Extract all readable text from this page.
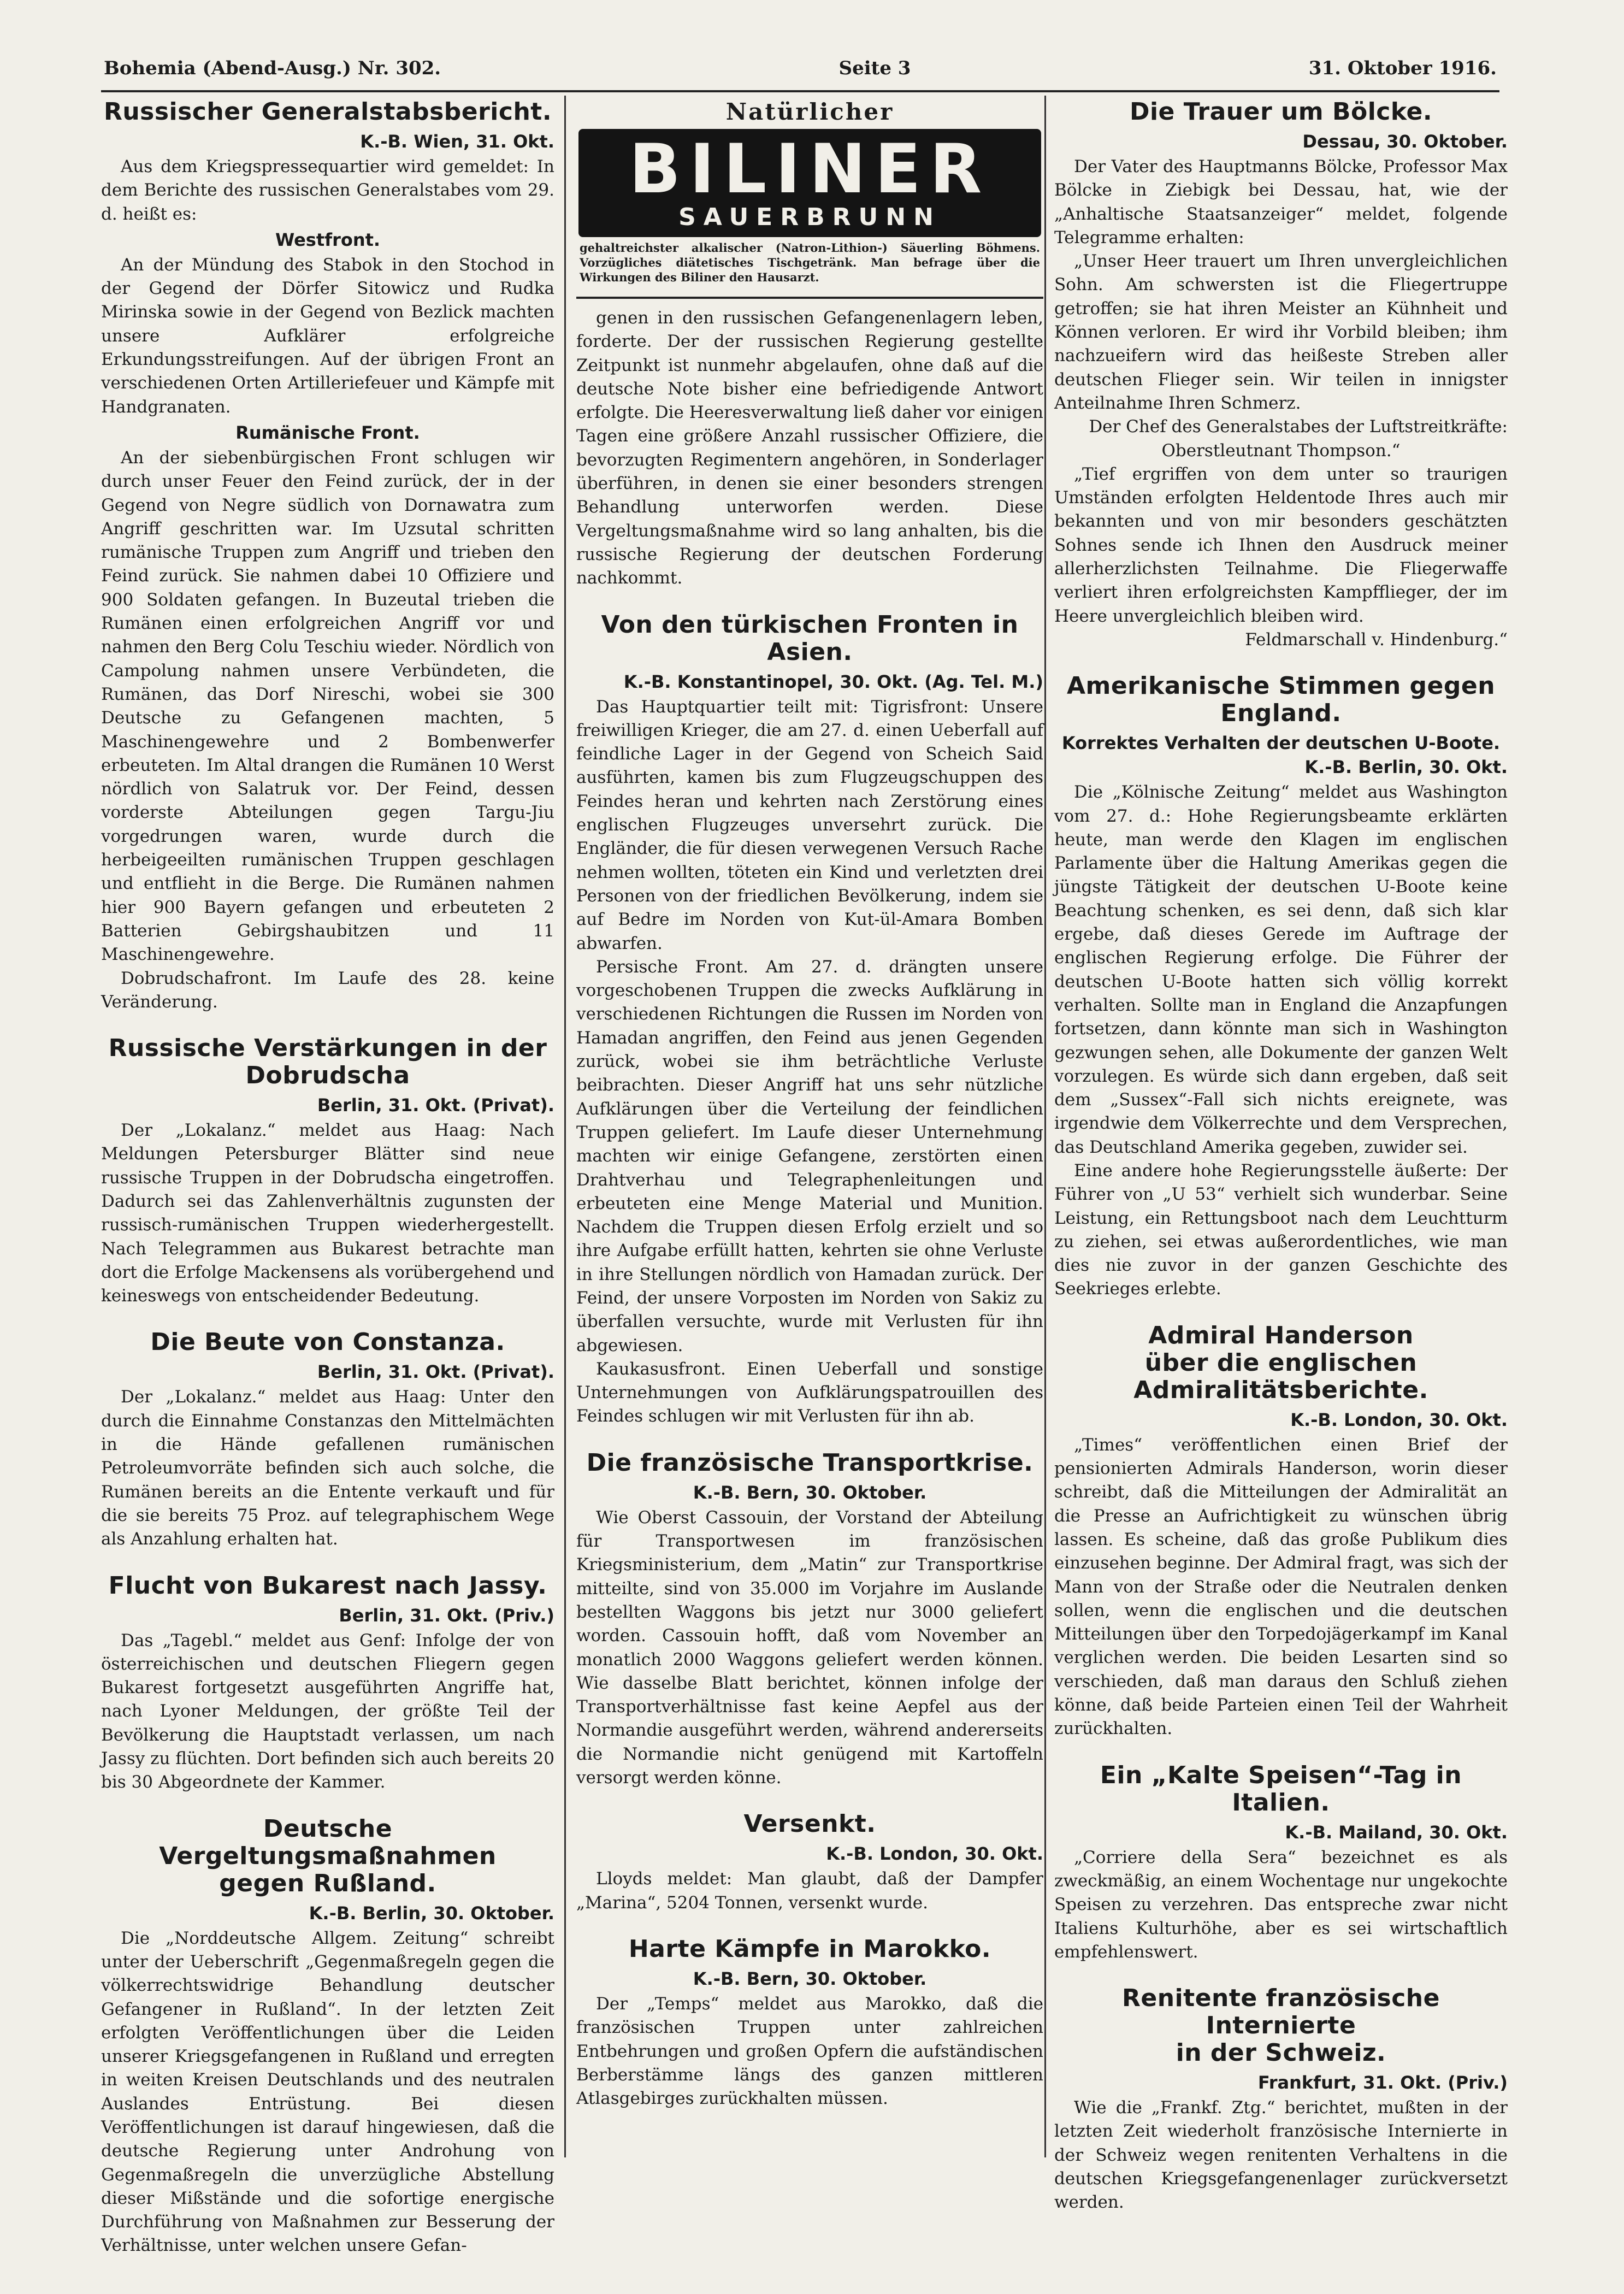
Bohemia (Abend-Ausg.) Nr. 302.	Seite 3	31. Oktober 1916.
Russischer Generalstabsbericht.
K.-B. Wien, 31. Okt.

Aus dem Kriegspressequartier wird gemeldet: In dem Berichte des russischen Generalstabes vom 29. d. heißt es:

Westfront.

An der Mündung des Stabok in den Stochod in der Gegend der Dörfer Sitowicz und Rudka Mirinska sowie in der Gegend von Bezlick machten unsere Aufklärer erfolgreiche Erkundungsstreifungen. Auf der übrigen Front an verschiedenen Orten Artilleriefeuer und Kämpfe mit Handgranaten.

Rumänische Front.

An der siebenbürgischen Front schlugen wir durch unser Feuer den Feind zurück, der in der Gegend von Negre südlich von Dornawatra zum Angriff geschritten war. Im Uzsutal schritten rumänische Truppen zum Angriff und trieben den Feind zurück. Sie nahmen dabei 10 Offiziere und 900 Soldaten gefangen. In Buzeutal trieben die Rumänen einen erfolgreichen Angriff vor und nahmen den Berg Colu Teschiu wieder. Nördlich von Campolung nahmen unsere Verbündeten, die Rumänen, das Dorf Nireschi, wobei sie 300 Deutsche zu Gefangenen machten, 5 Maschinengewehre und 2 Bombenwerfer erbeuteten. Im Altal drangen die Rumänen 10 Werst nördlich von Salatruk vor. Der Feind, dessen vorderste Abteilungen gegen Targu-Jiu vorgedrungen waren, wurde durch die herbeigeeilten rumänischen Truppen geschlagen und entflieht in die Berge. Die Rumänen nahmen hier 900 Bayern gefangen und erbeuteten 2 Batterien Gebirgshaubitzen und 11 Maschinengewehre.

Dobrudschafront. Im Laufe des 28. keine Veränderung.

Russische Verstärkungen in der Dobrudscha
Berlin, 31. Okt. (Privat).

Der „Lokalanz.“ meldet aus Haag: Nach Meldungen Petersburger Blätter sind neue russische Truppen in der Dobrudscha eingetroffen. Dadurch sei das Zahlenverhältnis zugunsten der russisch-rumänischen Truppen wiederhergestellt. Nach Telegrammen aus Bukarest betrachte man dort die Erfolge Mackensens als vorübergehend und keineswegs von entscheidender Bedeutung.

Die Beute von Constanza.
Berlin, 31. Okt. (Privat).

Der „Lokalanz.“ meldet aus Haag: Unter den durch die Einnahme Constanzas den Mittelmächten in die Hände gefallenen rumänischen Petroleumvorräte befinden sich auch solche, die Rumänen bereits an die Entente verkauft und für die sie bereits 75 Proz. auf telegraphischem Wege als Anzahlung erhalten hat.

Flucht von Bukarest nach Jassy.
Berlin, 31. Okt. (Priv.)

Das „Tagebl.“ meldet aus Genf: Infolge der von österreichischen und deutschen Fliegern gegen Bukarest fortgesetzt ausgeführten Angriffe hat, nach Lyoner Meldungen, der größte Teil der Bevölkerung die Hauptstadt verlassen, um nach Jassy zu flüchten. Dort befinden sich auch bereits 20 bis 30 Abgeordnete der Kammer.

Deutsche Vergeltungsmaßnahmen
gegen Rußland.
K.-B. Berlin, 30. Oktober.

Die „Norddeutsche Allgem. Zeitung“ schreibt unter der Ueberschrift „Gegenmaßregeln gegen die völkerrechtswidrige Behandlung deutscher Gefangener in Rußland“. In der letzten Zeit erfolgten Veröffentlichungen über die Leiden unserer Kriegsgefangenen in Rußland und erregten in weiten Kreisen Deutschlands und des neutralen Auslandes Entrüstung. Bei diesen Veröffentlichungen ist darauf hingewiesen, daß die deutsche Regierung unter Androhung von Gegenmaßregeln die unverzügliche Abstellung dieser Mißstände und die sofortige energische Durchführung von Maßnahmen zur Besserung der Verhältnisse, unter welchen unsere Gefan-

Natürlicher
BILINER
SAUERBRUNN
gehaltreichster alkalischer (Natron-Lithion-) Säuerling Böhmens. Vorzügliches diätetisches Tischgetränk. Man befrage über die Wirkungen des Biliner den Hausarzt.

genen in den russischen Gefangenenlagern leben, forderte. Der der russischen Regierung gestellte Zeitpunkt ist nunmehr abgelaufen, ohne daß auf die deutsche Note bisher eine befriedigende Antwort erfolgte. Die Heeresverwaltung ließ daher vor einigen Tagen eine größere Anzahl russischer Offiziere, die bevorzugten Regimentern angehören, in Sonderlager überführen, in denen sie einer besonders strengen Behandlung unterworfen werden. Diese Vergeltungsmaßnahme wird so lang anhalten, bis die russische Regierung der deutschen Forderung nachkommt.

Von den türkischen Fronten in Asien.
K.-B. Konstantinopel, 30. Okt. (Ag. Tel. M.)

Das Hauptquartier teilt mit: Tigrisfront: Unsere freiwilligen Krieger, die am 27. d. einen Ueberfall auf feindliche Lager in der Gegend von Scheich Said ausführten, kamen bis zum Flugzeugschuppen des Feindes heran und kehrten nach Zerstörung eines englischen Flugzeuges unversehrt zurück. Die Engländer, die für diesen verwegenen Versuch Rache nehmen wollten, töteten ein Kind und verletzten drei Personen von der friedlichen Bevölkerung, indem sie auf Bedre im Norden von Kut-ül-Amara Bomben abwarfen.

Persische Front. Am 27. d. drängten unsere vorgeschobenen Truppen die zwecks Aufklärung in verschiedenen Richtungen die Russen im Norden von Hamadan angriffen, den Feind aus jenen Gegenden zurück, wobei sie ihm beträchtliche Verluste beibrachten. Dieser Angriff hat uns sehr nützliche Aufklärungen über die Verteilung der feindlichen Truppen geliefert. Im Laufe dieser Unternehmung machten wir einige Gefangene, zerstörten einen Drahtverhau und Telegraphenleitungen und erbeuteten eine Menge Material und Munition. Nachdem die Truppen diesen Erfolg erzielt und so ihre Aufgabe erfüllt hatten, kehrten sie ohne Verluste in ihre Stellungen nördlich von Hamadan zurück. Der Feind, der unsere Vorposten im Norden von Sakiz zu überfallen versuchte, wurde mit Verlusten für ihn abgewiesen.

Kaukasusfront. Einen Ueberfall und sonstige Unternehmungen von Aufklärungspatrouillen des Feindes schlugen wir mit Verlusten für ihn ab.

Die französische Transportkrise.
K.-B. Bern, 30. Oktober.

Wie Oberst Cassouin, der Vorstand der Abteilung für Transportwesen im französischen Kriegsministerium, dem „Matin“ zur Transportkrise mitteilte, sind von 35.000 im Vorjahre im Auslande bestellten Waggons bis jetzt nur 3000 geliefert worden. Cassouin hofft, daß vom November an monatlich 2000 Waggons geliefert werden können. Wie dasselbe Blatt berichtet, können infolge der Transportverhältnisse fast keine Aepfel aus der Normandie ausgeführt werden, während andererseits die Normandie nicht genügend mit Kartoffeln versorgt werden könne.

Versenkt.
K.-B. London, 30. Okt.

Lloyds meldet: Man glaubt, daß der Dampfer „Marina“, 5204 Tonnen, versenkt wurde.

Harte Kämpfe in Marokko.
K.-B. Bern, 30. Oktober.

Der „Temps“ meldet aus Marokko, daß die französischen Truppen unter zahlreichen Entbehrungen und großen Opfern die aufständischen Berberstämme längs des ganzen mittleren Atlasgebirges zurückhalten müssen.

Die Trauer um Bölcke.
Dessau, 30. Oktober.

Der Vater des Hauptmanns Bölcke, Professor Max Bölcke in Ziebigk bei Dessau, hat, wie der „Anhaltische Staatsanzeiger“ meldet, folgende Telegramme erhalten:

„Unser Heer trauert um Ihren unvergleichlichen Sohn. Am schwersten ist die Fliegertruppe getroffen; sie hat ihren Meister an Kühnheit und Können verloren. Er wird ihr Vorbild bleiben; ihm nachzueifern wird das heißeste Streben aller deutschen Flieger sein. Wir teilen in innigster Anteilnahme Ihren Schmerz.

Der Chef des Generalstabes der Luftstreitkräfte:

Oberstleutnant Thompson.“

„Tief ergriffen von dem unter so traurigen Umständen erfolgten Heldentode Ihres auch mir bekannten und von mir besonders geschätzten Sohnes sende ich Ihnen den Ausdruck meiner allerherzlichsten Teilnahme. Die Fliegerwaffe verliert ihren erfolgreichsten Kampfflieger, der im Heere unvergleichlich bleiben wird.

Feldmarschall v. Hindenburg.“

Amerikanische Stimmen gegen England.
Korrektes Verhalten der deutschen U-Boote.
K.-B. Berlin, 30. Okt.

Die „Kölnische Zeitung“ meldet aus Washington vom 27. d.: Hohe Regierungsbeamte erklärten heute, man werde den Klagen im englischen Parlamente über die Haltung Amerikas gegen die jüngste Tätigkeit der deutschen U-Boote keine Beachtung schenken, es sei denn, daß sich klar ergebe, daß dieses Gerede im Auftrage der englischen Regierung erfolge. Die Führer der deutschen U-Boote hatten sich völlig korrekt verhalten. Sollte man in England die Anzapfungen fortsetzen, dann könnte man sich in Washington gezwungen sehen, alle Dokumente der ganzen Welt vorzulegen. Es würde sich dann ergeben, daß seit dem „Sussex“-Fall sich nichts ereignete, was irgendwie dem Völkerrechte und dem Versprechen, das Deutschland Amerika gegeben, zuwider sei.

Eine andere hohe Regierungsstelle äußerte: Der Führer von „U 53“ verhielt sich wunderbar. Seine Leistung, ein Rettungsboot nach dem Leuchtturm zu ziehen, sei etwas außerordentliches, wie man dies nie zuvor in der ganzen Geschichte des Seekrieges erlebte.

Admiral Handerson
über die englischen Admiralitätsberichte.
K.-B. London, 30. Okt.

„Times“ veröffentlichen einen Brief der pensionierten Admirals Handerson, worin dieser schreibt, daß die Mitteilungen der Admiralität an die Presse an Aufrichtigkeit zu wünschen übrig lassen. Es scheine, daß das große Publikum dies einzusehen beginne. Der Admiral fragt, was sich der Mann von der Straße oder die Neutralen denken sollen, wenn die englischen und die deutschen Mitteilungen über den Torpedojägerkampf im Kanal verglichen werden. Die beiden Lesarten sind so verschieden, daß man daraus den Schluß ziehen könne, daß beide Parteien einen Teil der Wahrheit zurückhalten.

Ein „Kalte Speisen“-Tag in Italien.
K.-B. Mailand, 30. Okt.

„Corriere della Sera“ bezeichnet es als zweckmäßig, an einem Wochentage nur ungekochte Speisen zu verzehren. Das entspreche zwar nicht Italiens Kulturhöhe, aber es sei wirtschaftlich empfehlenswert.

Renitente französische Internierte
in der Schweiz.
Frankfurt, 31. Okt. (Priv.)

Wie die „Frankf. Ztg.“ berichtet, mußten in der letzten Zeit wiederholt französische Internierte in der Schweiz wegen renitenten Verhaltens in die deutschen Kriegsgefangenenlager zurückversetzt werden.
